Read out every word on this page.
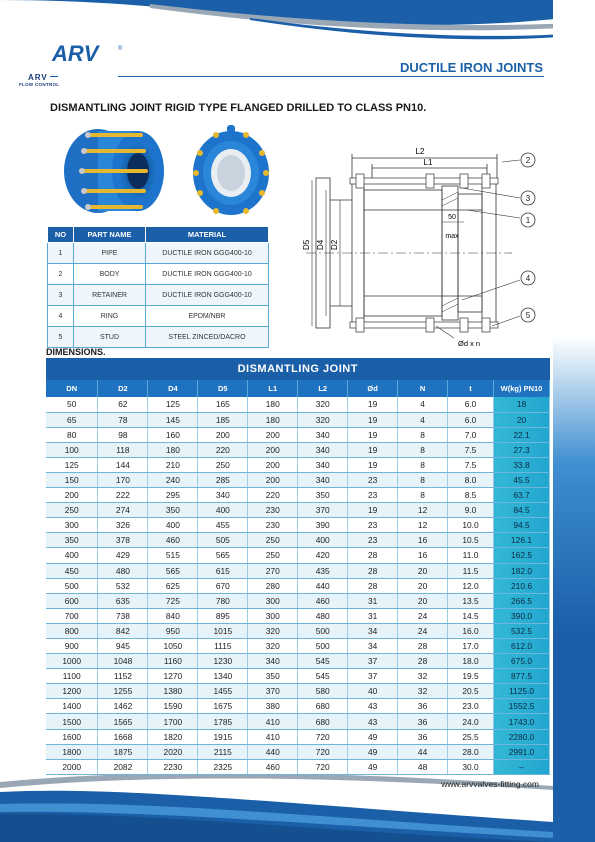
ARV	®
ARV
FLOW CONTROL
DUCTILE IRON JOINTS
DISMANTLING JOINT RIGID TYPE FLANGED DRILLED TO CLASS PN10.
L2
L1
50
max
D5 D4 D2
Ød x n
2
3
1
4
5
NO	PART NAME	MATERIAL
1	PIPE	DUCTILE IRON GGG400-10
2	BODY	DUCTILE IRON GGG400-10
3	RETAINER	DUCTILE IRON GGG400-10
4	RING	EPDM/NBR
5	STUD	STEEL ZINCED/DACRO
DIMENSIONS.
DISMANTLING JOINT									
DN	D2	D4	D5	L1	L2	Ød	N	t	W(kg) PN10
50	62	125	165	180	320	19	4	6.0	18
65	78	145	185	180	320	19	4	6.0	20
80	98	160	200	200	340	19	8	7.0	22.1
100	118	180	220	200	340	19	8	7.5	27.3
125	144	210	250	200	340	19	8	7.5	33.8
150	170	240	285	200	340	23	8	8.0	45.5
200	222	295	340	220	350	23	8	8.5	63.7
250	274	350	400	230	370	19	12	9.0	84.5
300	326	400	455	230	390	23	12	10.0	94.5
350	378	460	505	250	400	23	16	10.5	126.1
400	429	515	565	250	420	28	16	11.0	162.5
450	480	565	615	270	435	28	20	11.5	182.0
500	532	625	670	280	440	28	20	12.0	210.6
600	635	725	780	300	460	31	20	13.5	266.5
700	738	840	895	300	480	31	24	14.5	390.0
800	842	950	1015	320	500	34	24	16.0	532.5
900	945	1050	1115	320	500	34	28	17.0	612.0
1000	1048	1160	1230	340	545	37	28	18.0	675.0
1100	1152	1270	1340	350	545	37	32	19.5	877.5
1200	1255	1380	1455	370	580	40	32	20.5	1125.0
1400	1462	1590	1675	380	680	43	36	23.0	1552.5
1500	1565	1700	1785	410	680	43	36	24.0	1743.0
1600	1668	1820	1915	410	720	49	36	25.5	2280.0
1800	1875	2020	2115	440	720	49	44	28.0	2991.0
2000	2082	2230	2325	460	720	49	48	30.0	–
www.arvvalves-fitting.com
